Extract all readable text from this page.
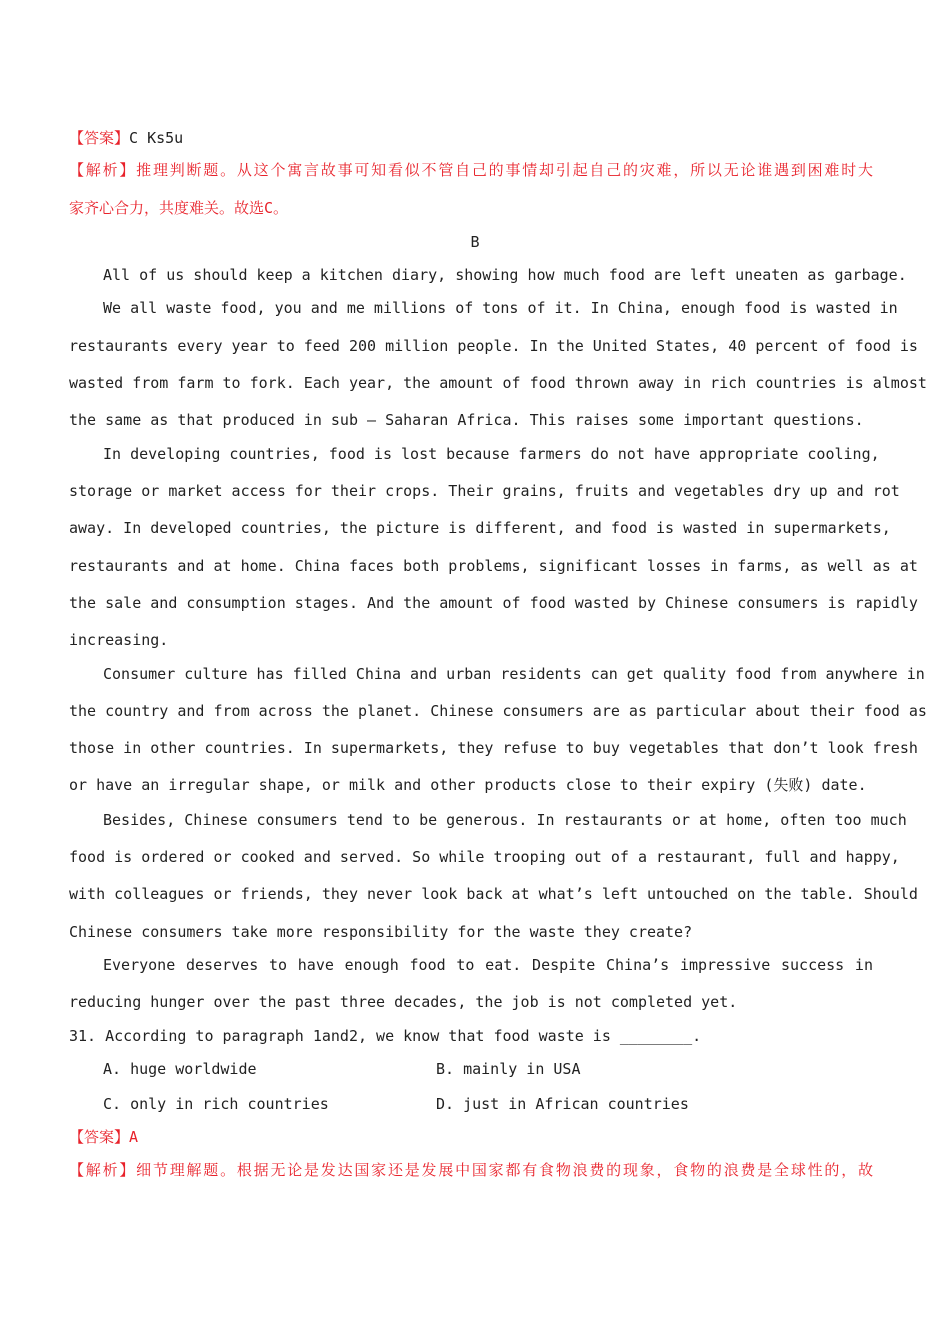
【答案】C Ks5u
【解析】推理判断题。从这个寓言故事可知看似不管自己的事情却引起自己的灾难，所以无论谁遇到困难时大
家齐心合力，共度难关。故选C。
B
All of us should keep a kitchen diary, showing how much food are left uneaten as garbage.
We all waste food, you and me millions of tons of it. In China, enough food is wasted in
restaurants every year to feed 200 million people. In the United States, 40 percent of food is
wasted from farm to fork. Each year, the amount of food thrown away in rich countries is almost
the same as that produced in sub – Saharan Africa. This raises some important questions.
In developing countries, food is lost because farmers do not have appropriate cooling,
storage or market access for their crops. Their grains, fruits and vegetables dry up and rot
away. In developed countries, the picture is different, and food is wasted in supermarkets,
restaurants and at home. China faces both problems, significant losses in farms, as well as at
the sale and consumption stages. And the amount of food wasted by Chinese consumers is rapidly
increasing.
Consumer culture has filled China and urban residents can get quality food from anywhere in
the country and from across the planet. Chinese consumers are as particular about their food as
those in other countries. In supermarkets, they refuse to buy vegetables that don’t look fresh
or have an irregular shape, or milk and other products close to their expiry (失败) date.
Besides, Chinese consumers tend to be generous. In restaurants or at home, often too much
food is ordered or cooked and served. So while trooping out of a restaurant, full and happy,
with colleagues or friends, they never look back at what’s left untouched on the table. Should
Chinese consumers take more responsibility for the waste they create?
Everyone deserves to have enough food to eat. Despite China’s impressive success in
reducing hunger over the past three decades, the job is not completed yet.
31. According to paragraph 1and2, we know that food waste is ________.
A. huge worldwide	B. mainly in USA
C. only in rich countries	D. just in African countries
【答案】A
【解析】细节理解题。根据无论是发达国家还是发展中国家都有食物浪费的现象，食物的浪费是全球性的，故
